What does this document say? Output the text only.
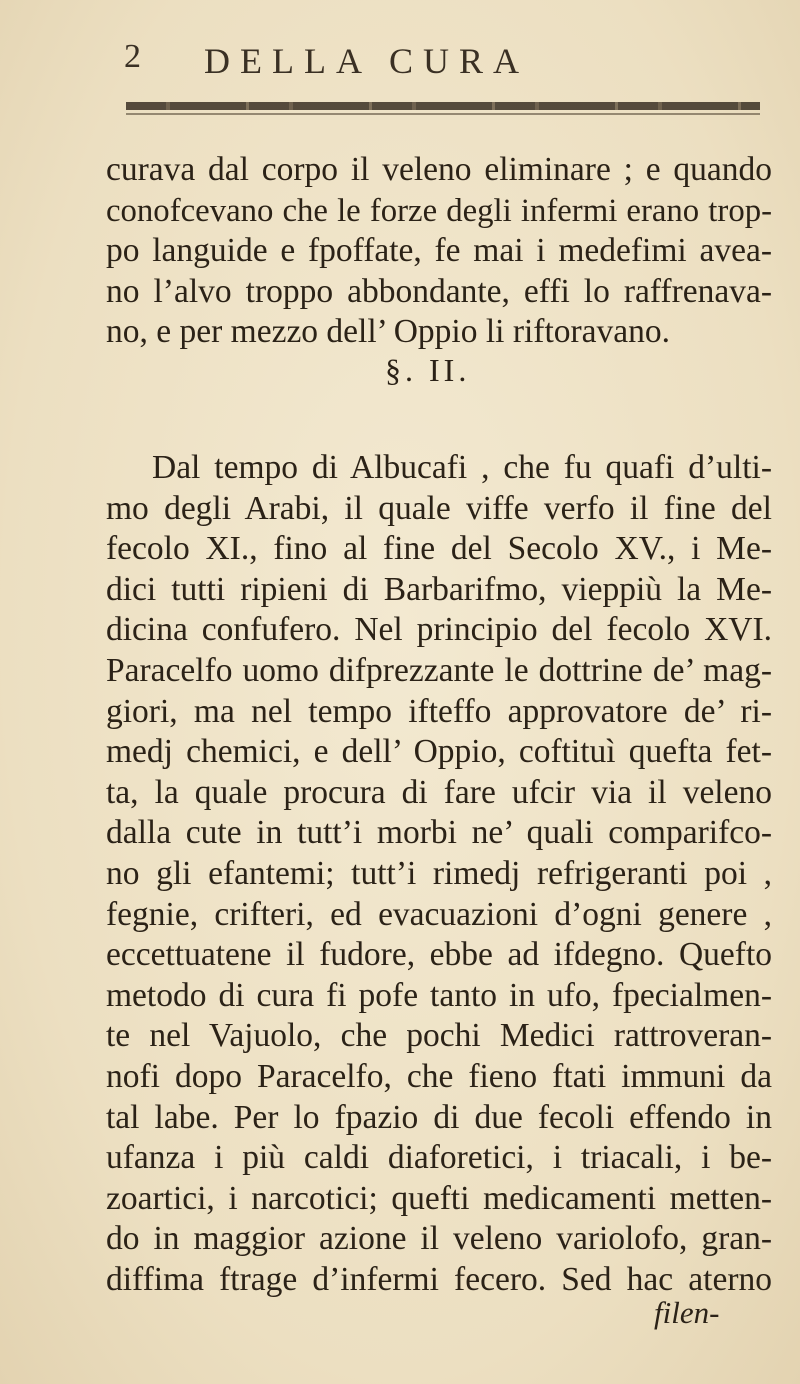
2	DELLA CURA
curava dal corpo il veleno eliminare ; e quando
conofcevano che le forze degli infermi erano trop-
po languide e fpoffate, fe mai i medefimi avea-
no l’alvo troppo abbondante, effi lo raffrenava-
no, e per mezzo dell’ Oppio li riftoravano.
§. II.
Dal tempo di Albucafi , che fu quafi d’ulti-
mo degli Arabi, il quale viffe verfo il fine del
fecolo XI., fino al fine del Secolo XV., i Me-
dici tutti ripieni di Barbarifmo, vieppiù la Me-
dicina confufero. Nel principio del fecolo XVI.
Paracelfo uomo difprezzante le dottrine de’ mag-
giori, ma nel tempo ifteffo approvatore de’ ri-
medj chemici, e dell’ Oppio, coftituì quefta fet-
ta, la quale procura di fare ufcir via il veleno
dalla cute in tutt’i morbi ne’ quali comparifco-
no gli efantemi; tutt’i rimedj refrigeranti poi ,
fegnie, crifteri, ed evacuazioni d’ogni genere ,
eccettuatene il fudore, ebbe ad ifdegno. Quefto
metodo di cura fi pofe tanto in ufo, fpecialmen-
te nel Vajuolo, che pochi Medici rattroveran-
nofi dopo Paracelfo, che fieno ftati immuni da
tal labe. Per lo fpazio di due fecoli effendo in
ufanza i più caldi diaforetici, i triacali, i be-
zoartici, i narcotici; quefti medicamenti metten-
do in maggior azione il veleno variolofo, gran-
diffima ftrage d’infermi fecero. Sed hac aterno
filen-
